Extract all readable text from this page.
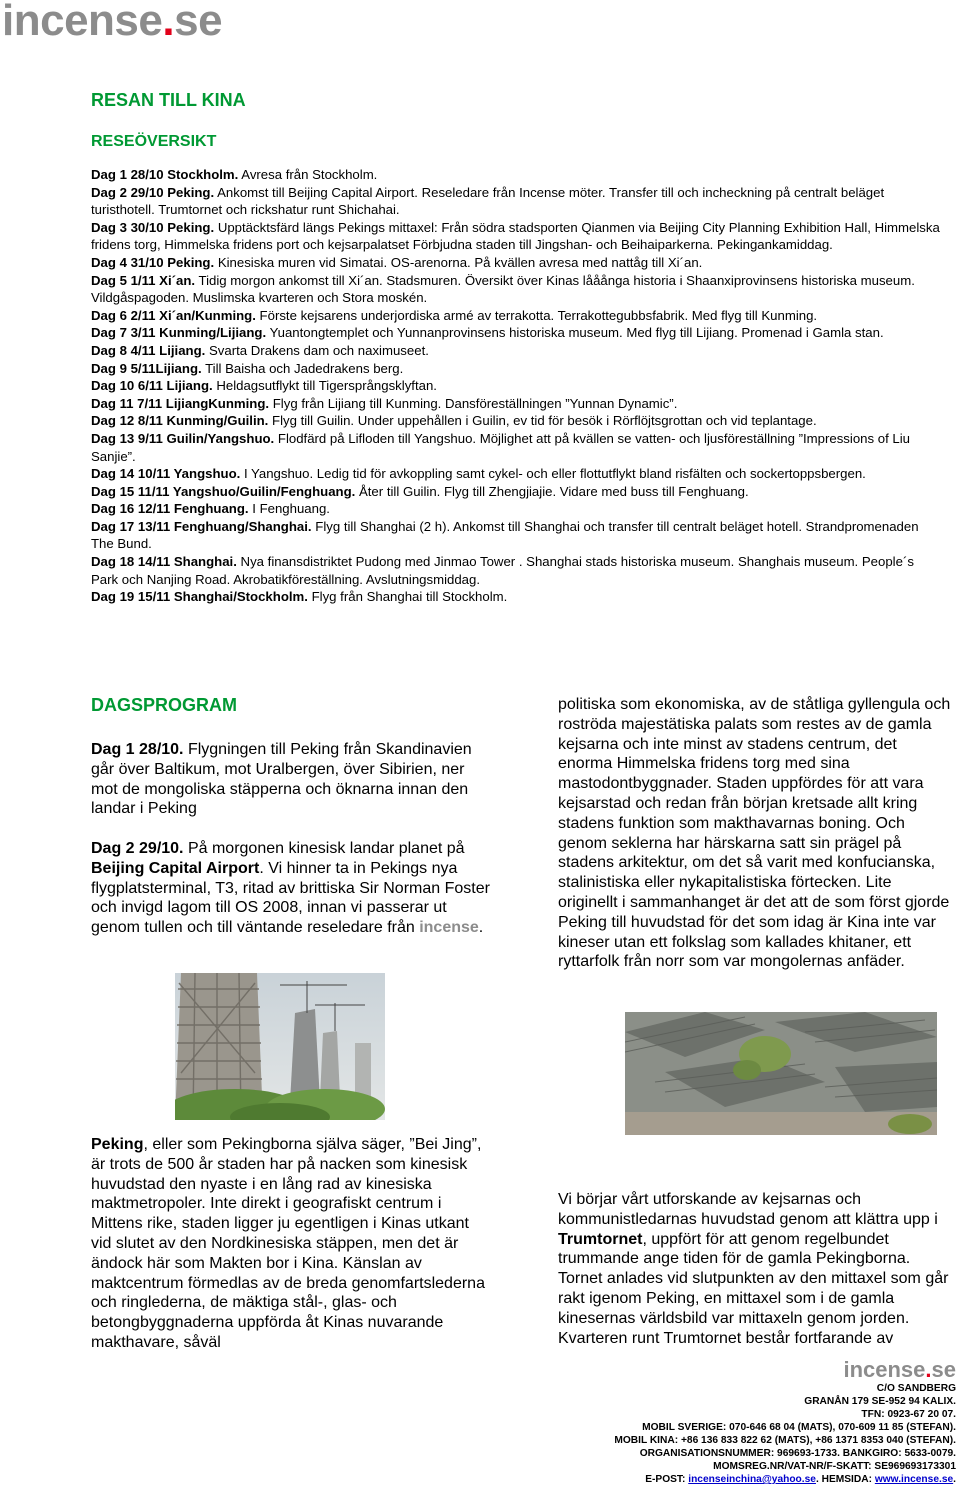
incense.se
RESAN TILL KINA
RESEÖVERSIKT

Dag 1 28/10 Stockholm. Avresa från Stockholm.

Dag 2 29/10 Peking. Ankomst till Beijing Capital Airport. Reseledare från Incense möter. Transfer till och incheckning på centralt beläget turisthotell. Trumtornet och rickshatur runt Shichahai.

Dag 3 30/10 Peking. Upptäcktsfärd längs Pekings mittaxel: Från södra stadsporten Qianmen via Beijing City Planning Exhibition Hall, Himmelska fridens torg, Himmelska fridens port och kejsarpalatset Förbjudna staden till Jingshan- och Beihaiparkerna. Pekingankamiddag.

Dag 4 31/10 Peking. Kinesiska muren vid Simatai. OS-arenorna. På kvällen avresa med nattåg till Xi´an.

Dag 5 1/11 Xi´an. Tidig morgon ankomst till Xi´an. Stadsmuren. Översikt över Kinas lååånga historia i Shaanxiprovinsens historiska museum. Vildgåspagoden. Muslimska kvarteren och Stora moskén.

Dag 6 2/11 Xi´an/Kunming. Förste kejsarens underjordiska armé av terrakotta. Terrakottegubbsfabrik. Med flyg till Kunming.

Dag 7 3/11 Kunming/Lijiang. Yuantongtemplet och Yunnanprovinsens historiska museum. Med flyg till Lijiang. Promenad i Gamla stan.

Dag 8 4/11 Lijiang. Svarta Drakens dam och naximuseet.

Dag 9 5/11Lijiang. Till Baisha och Jadedrakens berg.

Dag 10 6/11 Lijiang. Heldagsutflykt till Tigersprångsklyftan.

Dag 11 7/11 LijiangKunming. Flyg från Lijiang till Kunming. Dansföreställningen ”Yunnan Dynamic”.

Dag 12 8/11 Kunming/Guilin. Flyg till Guilin. Under uppehållen i Guilin, ev tid för besök i Rörflöjtsgrottan och vid teplantage.

Dag 13 9/11 Guilin/Yangshuo. Flodfärd på Lifloden till Yangshuo. Möjlighet att på kvällen se vatten- och ljusföreställning ”Impressions of Liu Sanjie”.

Dag 14 10/11 Yangshuo. I Yangshuo. Ledig tid för avkoppling samt cykel- och eller flottutflykt bland risfälten och sockertoppsbergen.

Dag 15 11/11 Yangshuo/Guilin/Fenghuang. Åter till Guilin. Flyg till Zhengjiajie. Vidare med buss till Fenghuang.

Dag 16 12/11 Fenghuang. I Fenghuang.

Dag 17 13/11 Fenghuang/Shanghai. Flyg till Shanghai (2 h). Ankomst till Shanghai och transfer till centralt beläget hotell. Strandpromenaden The Bund.

Dag 18 14/11 Shanghai. Nya finansdistriktet Pudong med Jinmao Tower . Shanghai stads historiska museum. Shanghais museum. People´s Park och Nanjing Road. Akrobatikföreställning. Avslutningsmiddag.

Dag 19 15/11 Shanghai/Stockholm. Flyg från Shanghai till Stockholm.

DAGSPROGRAM

Dag 1 28/10. Flygningen till Peking från Skandinavien går över Baltikum, mot Uralbergen, över Sibirien, ner mot de mongoliska stäpperna och öknarna innan den landar i Peking

Dag 2 29/10. På morgonen kinesisk landar planet på Beijing Capital Airport. Vi hinner ta in Pekings nya flygplatsterminal, T3, ritad av brittiska Sir Norman Foster och invigd lagom till OS 2008, innan vi passerar ut genom tullen och till väntande reseledare från incense.

politiska som ekonomiska, av de ståtliga gyllengula och roströda majestätiska palats som restes av de gamla kejsarna och inte minst av stadens centrum, det enorma Himmelska fridens torg med sina mastodontbyggnader. Staden uppfördes för att vara kejsarstad och redan från början kretsade allt kring stadens funktion som makthavarnas boning. Och genom seklerna har härskarna satt sin prägel på stadens arkitektur, om det så varit med konfucianska, stalinistiska eller nykapitalistiska förtecken. Lite originellt i sammanhanget är det att de som först gjorde Peking till huvudstad för det som idag är Kina inte var kineser utan ett folkslag som kallades khitaner, ett ryttarfolk från norr som var mongolernas anfäder.

Peking, eller som Pekingborna själva säger, ”Bei Jing”, är trots de 500 år staden har på nacken som kinesisk huvudstad den nyaste i en lång rad av kinesiska maktmetropoler. Inte direkt i geografiskt centrum i Mittens rike, staden ligger ju egentligen i Kinas utkant vid slutet av den Nordkinesiska stäppen, men det är ändock här som Makten bor i Kina. Känslan av maktcentrum förmedlas av de breda genomfartslederna och ringlederna, de mäktiga stål-, glas- och betongbyggnaderna uppförda åt Kinas nuvarande makthavare, såväl

Vi börjar vårt utforskande av kejsarnas och kommunistledarnas huvudstad genom att klättra upp i Trumtornet, uppfört för att genom regelbundet trummande ange tiden för de gamla Pekingborna. Tornet anlades vid slutpunkten av den mittaxel som går rakt igenom Peking, en mittaxel som i de gamla kinesernas världsbild var mittaxeln genom jorden. Kvarteren runt Trumtornet består fortfarande av

incense.se
C/O SANDBERG
GRANÅN 179 SE-952 94 KALIX.
TFN: 0923-67 20 07.
MOBIL SVERIGE: 070-646 68 04 (MATS), 070-609 11 85 (STEFAN).
MOBIL KINA: +86 136 833 822 62 (MATS), +86 1371 8353 040 (STEFAN).
ORGANISATIONSNUMMER: 969693-1733. BANKGIRO: 5633-0079.
MOMSREG.NR/VAT-NR/F-SKATT: SE969693173301
E-POST: incenseinchina@yahoo.se. HEMSIDA: www.incense.se.
